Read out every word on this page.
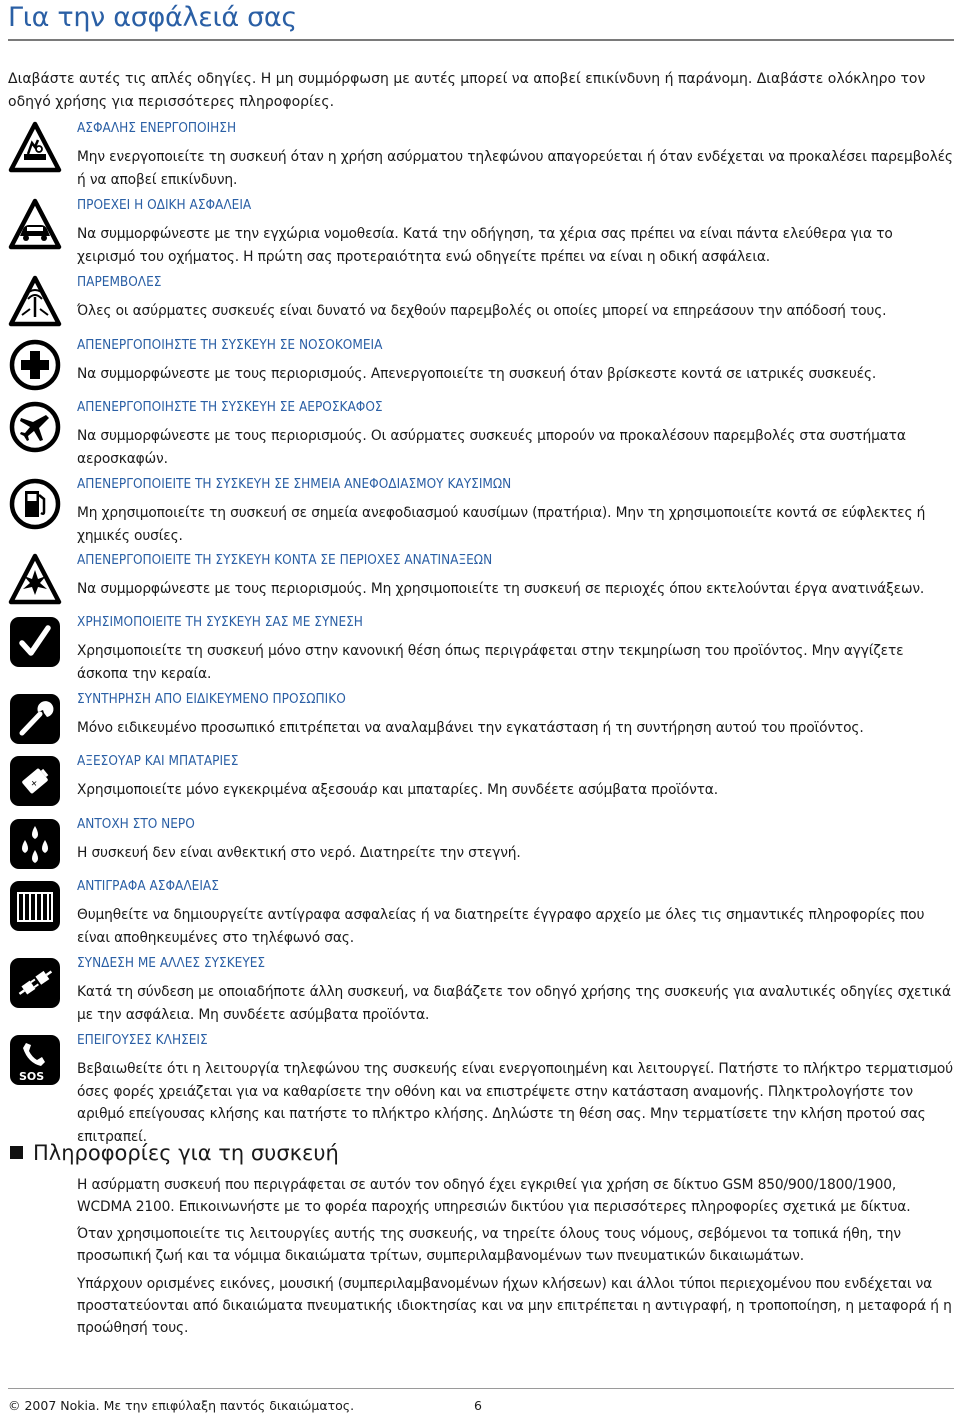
Για την ασφάλειά σας

Διαβάστε αυτές τις απλές οδηγίες. Η μη συμμόρφωση με αυτές μπορεί να αποβεί επικίνδυνη ή παράνομη. Διαβάστε ολόκληρο τον οδηγό χρήσης για περισσότερες πληροφορίες.

ΑΣΦΑΛΗΣ ΕΝΕΡΓΟΠΟΙΗΣΗ

Μην ενεργοποιείτε τη συσκευή όταν η χρήση ασύρματου τηλεφώνου απαγορεύεται ή όταν ενδέχεται να προκαλέσει παρεμβολές ή να αποβεί επικίνδυνη.

ΠΡΟΕΧΕΙ Η ΟΔΙΚΗ ΑΣΦΑΛΕΙΑ

Να συμμορφώνεστε με την εγχώρια νομοθεσία. Κατά την οδήγηση, τα χέρια σας πρέπει να είναι πάντα ελεύθερα για το χειρισμό του οχήματος. Η πρώτη σας προτεραιότητα ενώ οδηγείτε πρέπει να είναι η οδική ασφάλεια.

ΠΑΡΕΜΒΟΛΕΣ

Όλες οι ασύρματες συσκευές είναι δυνατό να δεχθούν παρεμβολές οι οποίες μπορεί να επηρεάσουν την απόδοσή τους.

ΑΠΕΝΕΡΓΟΠΟΙΗΣΤΕ ΤΗ ΣΥΣΚΕΥΗ ΣΕ ΝΟΣΟΚΟΜΕΙΑ

Να συμμορφώνεστε με τους περιορισμούς. Απενεργοποιείτε τη συσκευή όταν βρίσκεστε κοντά σε ιατρικές συσκευές.

ΑΠΕΝΕΡΓΟΠΟΙΗΣΤΕ ΤΗ ΣΥΣΚΕΥΗ ΣΕ ΑΕΡΟΣΚΑΦΟΣ

Να συμμορφώνεστε με τους περιορισμούς. Οι ασύρματες συσκευές μπορούν να προκαλέσουν παρεμβολές στα συστήματα αεροσκαφών.

ΑΠΕΝΕΡΓΟΠΟΙΕΙΤΕ ΤΗ ΣΥΣΚΕΥΗ ΣΕ ΣΗΜΕΙΑ ΑΝΕΦΟΔΙΑΣΜΟΥ ΚΑΥΣΙΜΩΝ

Μη χρησιμοποιείτε τη συσκευή σε σημεία ανεφοδιασμού καυσίμων (πρατήρια). Μην τη χρησιμοποιείτε κοντά σε εύφλεκτες ή χημικές ουσίες.

ΑΠΕΝΕΡΓΟΠΟΙΕΙΤΕ ΤΗ ΣΥΣΚΕΥΗ ΚΟΝΤΑ ΣΕ ΠΕΡΙΟΧΕΣ ΑΝΑΤΙΝΑΞΕΩΝ

Να συμμορφώνεστε με τους περιορισμούς. Μη χρησιμοποιείτε τη συσκευή σε περιοχές όπου εκτελούνται έργα ανατινάξεων.

ΧΡΗΣΙΜΟΠΟΙΕΙΤΕ ΤΗ ΣΥΣΚΕΥΗ ΣΑΣ ΜΕ ΣΥΝΕΣΗ

Χρησιμοποιείτε τη συσκευή μόνο στην κανονική θέση όπως περιγράφεται στην τεκμηρίωση του προϊόντος. Μην αγγίζετε άσκοπα την κεραία.

ΣΥΝΤΗΡΗΣΗ ΑΠΟ ΕΙΔΙΚΕΥΜΕΝΟ ΠΡΟΣΩΠΙΚΟ

Μόνο ειδικευμένο προσωπικό επιτρέπεται να αναλαμβάνει την εγκατάσταση ή τη συντήρηση αυτού του προϊόντος.

+
ΑΞΕΣΟΥΑΡ ΚΑΙ ΜΠΑΤΑΡΙΕΣ

Χρησιμοποιείτε μόνο εγκεκριμένα αξεσουάρ και μπαταρίες. Μη συνδέετε ασύμβατα προϊόντα.

ΑΝΤΟΧΗ ΣΤΟ ΝΕΡΟ

Η συσκευή δεν είναι ανθεκτική στο νερό. Διατηρείτε την στεγνή.

ΑΝΤΙΓΡΑΦΑ ΑΣΦΑΛΕΙΑΣ

Θυμηθείτε να δημιουργείτε αντίγραφα ασφαλείας ή να διατηρείτε έγγραφο αρχείο με όλες τις σημαντικές πληροφορίες που είναι αποθηκευμένες στο τηλέφωνό σας.

ΣΥΝΔΕΣΗ ΜΕ ΑΛΛΕΣ ΣΥΣΚΕΥΕΣ

Κατά τη σύνδεση με οποιαδήποτε άλλη συσκευή, να διαβάζετε τον οδηγό χρήσης της συσκευής για αναλυτικές οδηγίες σχετικά με την ασφάλεια. Μη συνδέετε ασύμβατα προϊόντα.

SOS
ΕΠΕΙΓΟΥΣΕΣ ΚΛΗΣΕΙΣ

Βεβαιωθείτε ότι η λειτουργία τηλεφώνου της συσκευής είναι ενεργοποιημένη και λειτουργεί. Πατήστε το πλήκτρο τερματισμού όσες φορές χρειάζεται για να καθαρίσετε την οθόνη και να επιστρέψετε στην κατάσταση αναμονής. Πληκτρολογήστε τον αριθμό επείγουσας κλήσης και πατήστε το πλήκτρο κλήσης. Δηλώστε τη θέση σας. Μην τερματίσετε την κλήση προτού σας επιτραπεί.

Πληροφορίες για τη συσκευή

Η ασύρματη συσκευή που περιγράφεται σε αυτόν τον οδηγό έχει εγκριθεί για χρήση σε δίκτυο GSM 850/900/1800/1900, WCDMA 2100. Επικοινωνήστε με το φορέα παροχής υπηρεσιών δικτύου για περισσότερες πληροφορίες σχετικά με δίκτυα.

Όταν χρησιμοποιείτε τις λειτουργίες αυτής της συσκευής, να τηρείτε όλους τους νόμους, σεβόμενοι τα τοπικά ήθη, την προσωπική ζωή και τα νόμιμα δικαιώματα τρίτων, συμπεριλαμβανομένων των πνευματικών δικαιωμάτων.

Υπάρχουν ορισμένες εικόνες, μουσική (συμπεριλαμβανομένων ήχων κλήσεων) και άλλοι τύποι περιεχομένου που ενδέχεται να προστατεύονται από δικαιώματα πνευματικής ιδιοκτησίας και να μην επιτρέπεται η αντιγραφή, η τροποποίηση, η μεταφορά ή η προώθησή τους.

© 2007 Nokia. Με την επιφύλαξη παντός δικαιώματος.	6
